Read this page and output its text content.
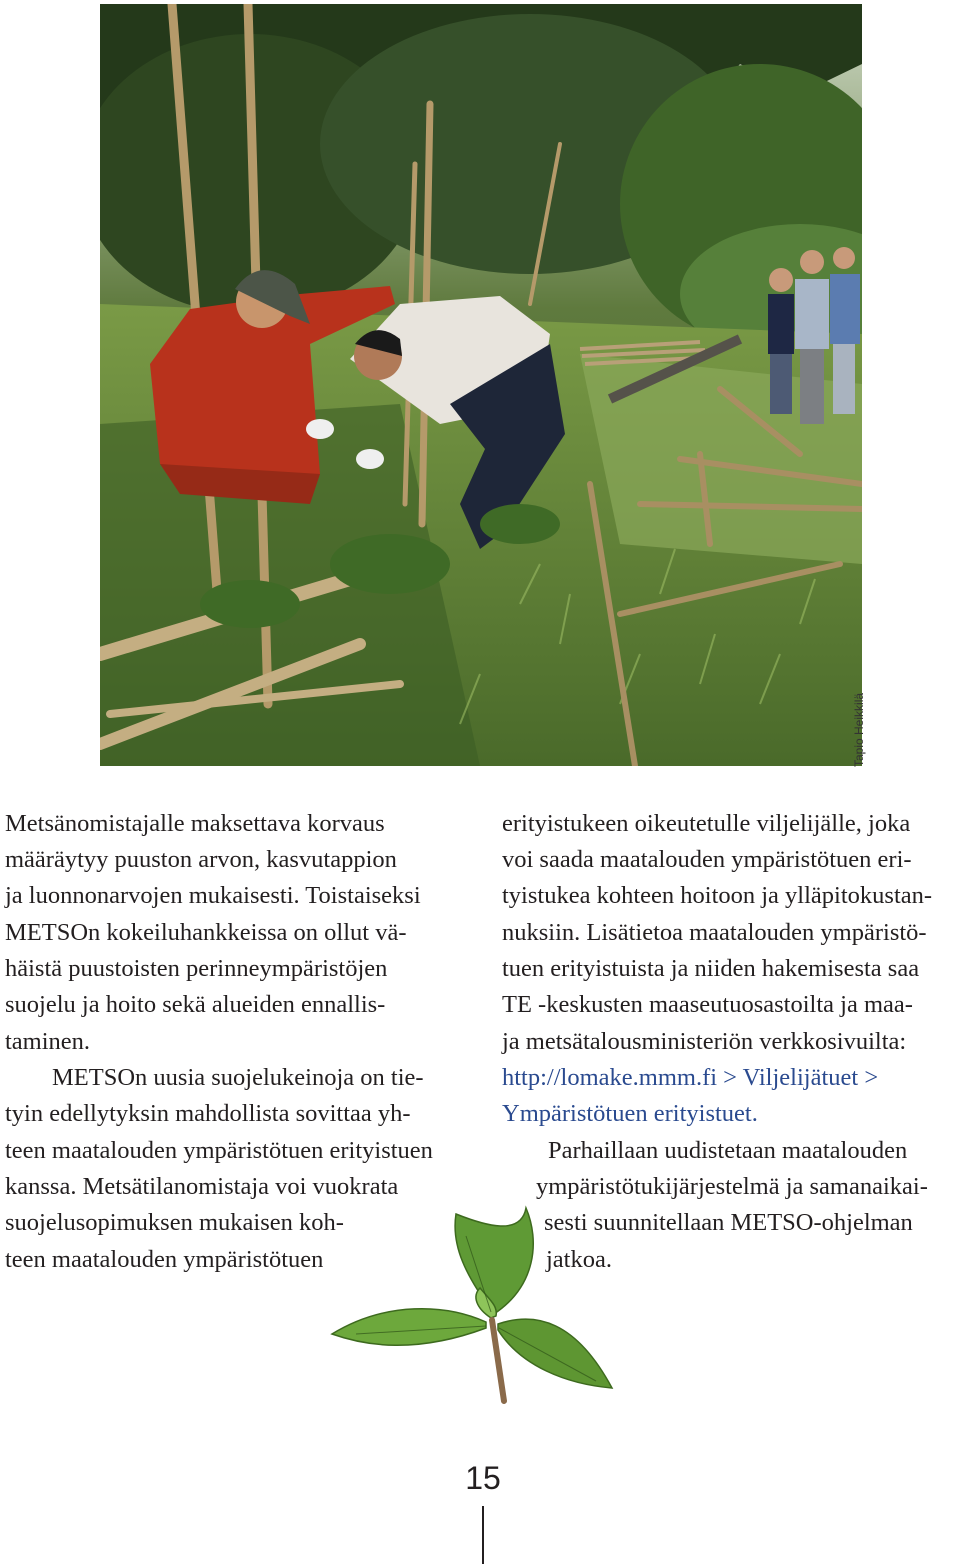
Tapio Heikkilä

Metsänomistajalle maksettava korvaus

määräytyy puuston arvon, kasvutappion

ja luonnonarvojen mukaisesti. Toistaiseksi

METSOn kokeiluhankkeissa on ollut vä-

häistä puustoisten perinneympäristöjen

suojelu ja hoito sekä alueiden ennallis-

taminen.

METSOn uusia suojelukeinoja on tie-

tyin edellytyksin mahdollista sovittaa yh-

teen maatalouden ympäristötuen erityistuen

kanssa. Metsätilanomistaja voi vuokrata

suojelusopimuksen mukaisen koh-

teen maatalouden ympäristötuen

erityistukeen oikeutetulle viljelijälle, joka

voi saada maatalouden ympäristötuen eri-

tyistukea kohteen hoitoon ja ylläpitokustan-

nuksiin. Lisätietoa maatalouden ympäristö-

tuen erityistuista ja niiden hakemisesta saa

TE -keskusten maaseutuosastoilta ja maa-

ja metsätalousministeriön verkkosivuilta:

http://lomake.mmm.fi > Viljelijätuet >

Ympäristötuen erityistuet.

Parhaillaan uudistetaan maatalouden

ympäristötukijärjestelmä ja samanaikai-

sesti suunnitellaan METSO-ohjelman

jatkoa.

15
